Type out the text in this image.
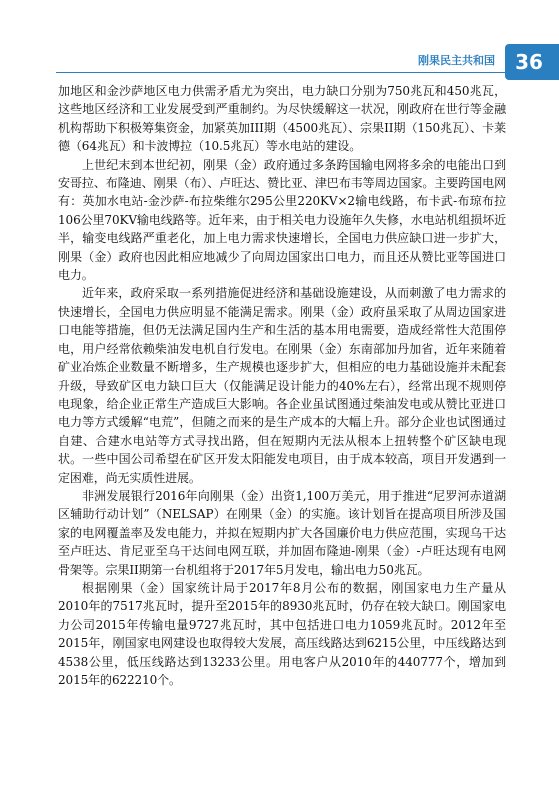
刚果民主共和国	36

加地区和金沙萨地区电力供需矛盾尤为突出，电力缺口分别为750兆瓦和450兆瓦，这些地区经济和工业发展受到严重制约。为尽快缓解这一状况，刚政府在世行等金融机构帮助下积极筹集资金，加紧英加III期（4500兆瓦）、宗果II期（150兆瓦）、卡莱德（64兆瓦）和卡波博拉（10.5兆瓦）等水电站的建设。

上世纪末到本世纪初，刚果（金）政府通过多条跨国输电网将多余的电能出口到安哥拉、布隆迪、刚果（布）、卢旺达、赞比亚、津巴布韦等周边国家。主要跨国电网有：英加水电站-金沙萨-布拉柴维尔295公里220KV×2输电线路，布卡武-布琼布拉106公里70KV输电线路等。近年来，由于相关电力设施年久失修，水电站机组损坏近半，输变电线路严重老化，加上电力需求快速增长，全国电力供应缺口进一步扩大，刚果（金）政府也因此相应地减少了向周边国家出口电力，而且还从赞比亚等国进口电力。

近年来，政府采取一系列措施促进经济和基础设施建设，从而刺激了电力需求的快速增长，全国电力供应明显不能满足需求。刚果（金）政府虽采取了从周边国家进口电能等措施，但仍无法满足国内生产和生活的基本用电需要，造成经常性大范围停电，用户经常依赖柴油发电机自行发电。在刚果（金）东南部加丹加省，近年来随着矿业冶炼企业数量不断增多，生产规模也逐步扩大，但相应的电力基础设施并未配套升级，导致矿区电力缺口巨大（仅能满足设计能力的40%左右），经常出现不规则停电现象，给企业正常生产造成巨大影响。各企业虽试图通过柴油发电或从赞比亚进口电力等方式缓解“电荒”，但随之而来的是生产成本的大幅上升。部分企业也试图通过自建、合建水电站等方式寻找出路，但在短期内无法从根本上扭转整个矿区缺电现状。一些中国公司希望在矿区开发太阳能发电项目，由于成本较高，项目开发遇到一定困难，尚无实质性进展。

非洲发展银行2016年向刚果（金）出资1,100万美元，用于推进“尼罗河赤道湖区辅助行动计划”（NELSAP）在刚果（金）的实施。该计划旨在提高项目所涉及国家的电网覆盖率及发电能力，并拟在短期内扩大各国廉价电力供应范围，实现乌干达至卢旺达、肯尼亚至乌干达间电网互联，并加固布隆迪-刚果（金）-卢旺达现有电网骨架等。宗果II期第一台机组将于2017年5月发电，输出电力50兆瓦。

根据刚果（金）国家统计局于2017年8月公布的数据，刚国家电力生产量从2010年的7517兆瓦时，提升至2015年的8930兆瓦时，仍存在较大缺口。刚国家电力公司2015年传输电量9727兆瓦时，其中包括进口电力1059兆瓦时。2012年至2015年，刚国家电网建设也取得较大发展，高压线路达到6215公里，中压线路达到4538公里，低压线路达到13233公里。用电客户从2010年的440777个，增加到2015年的622210个。
